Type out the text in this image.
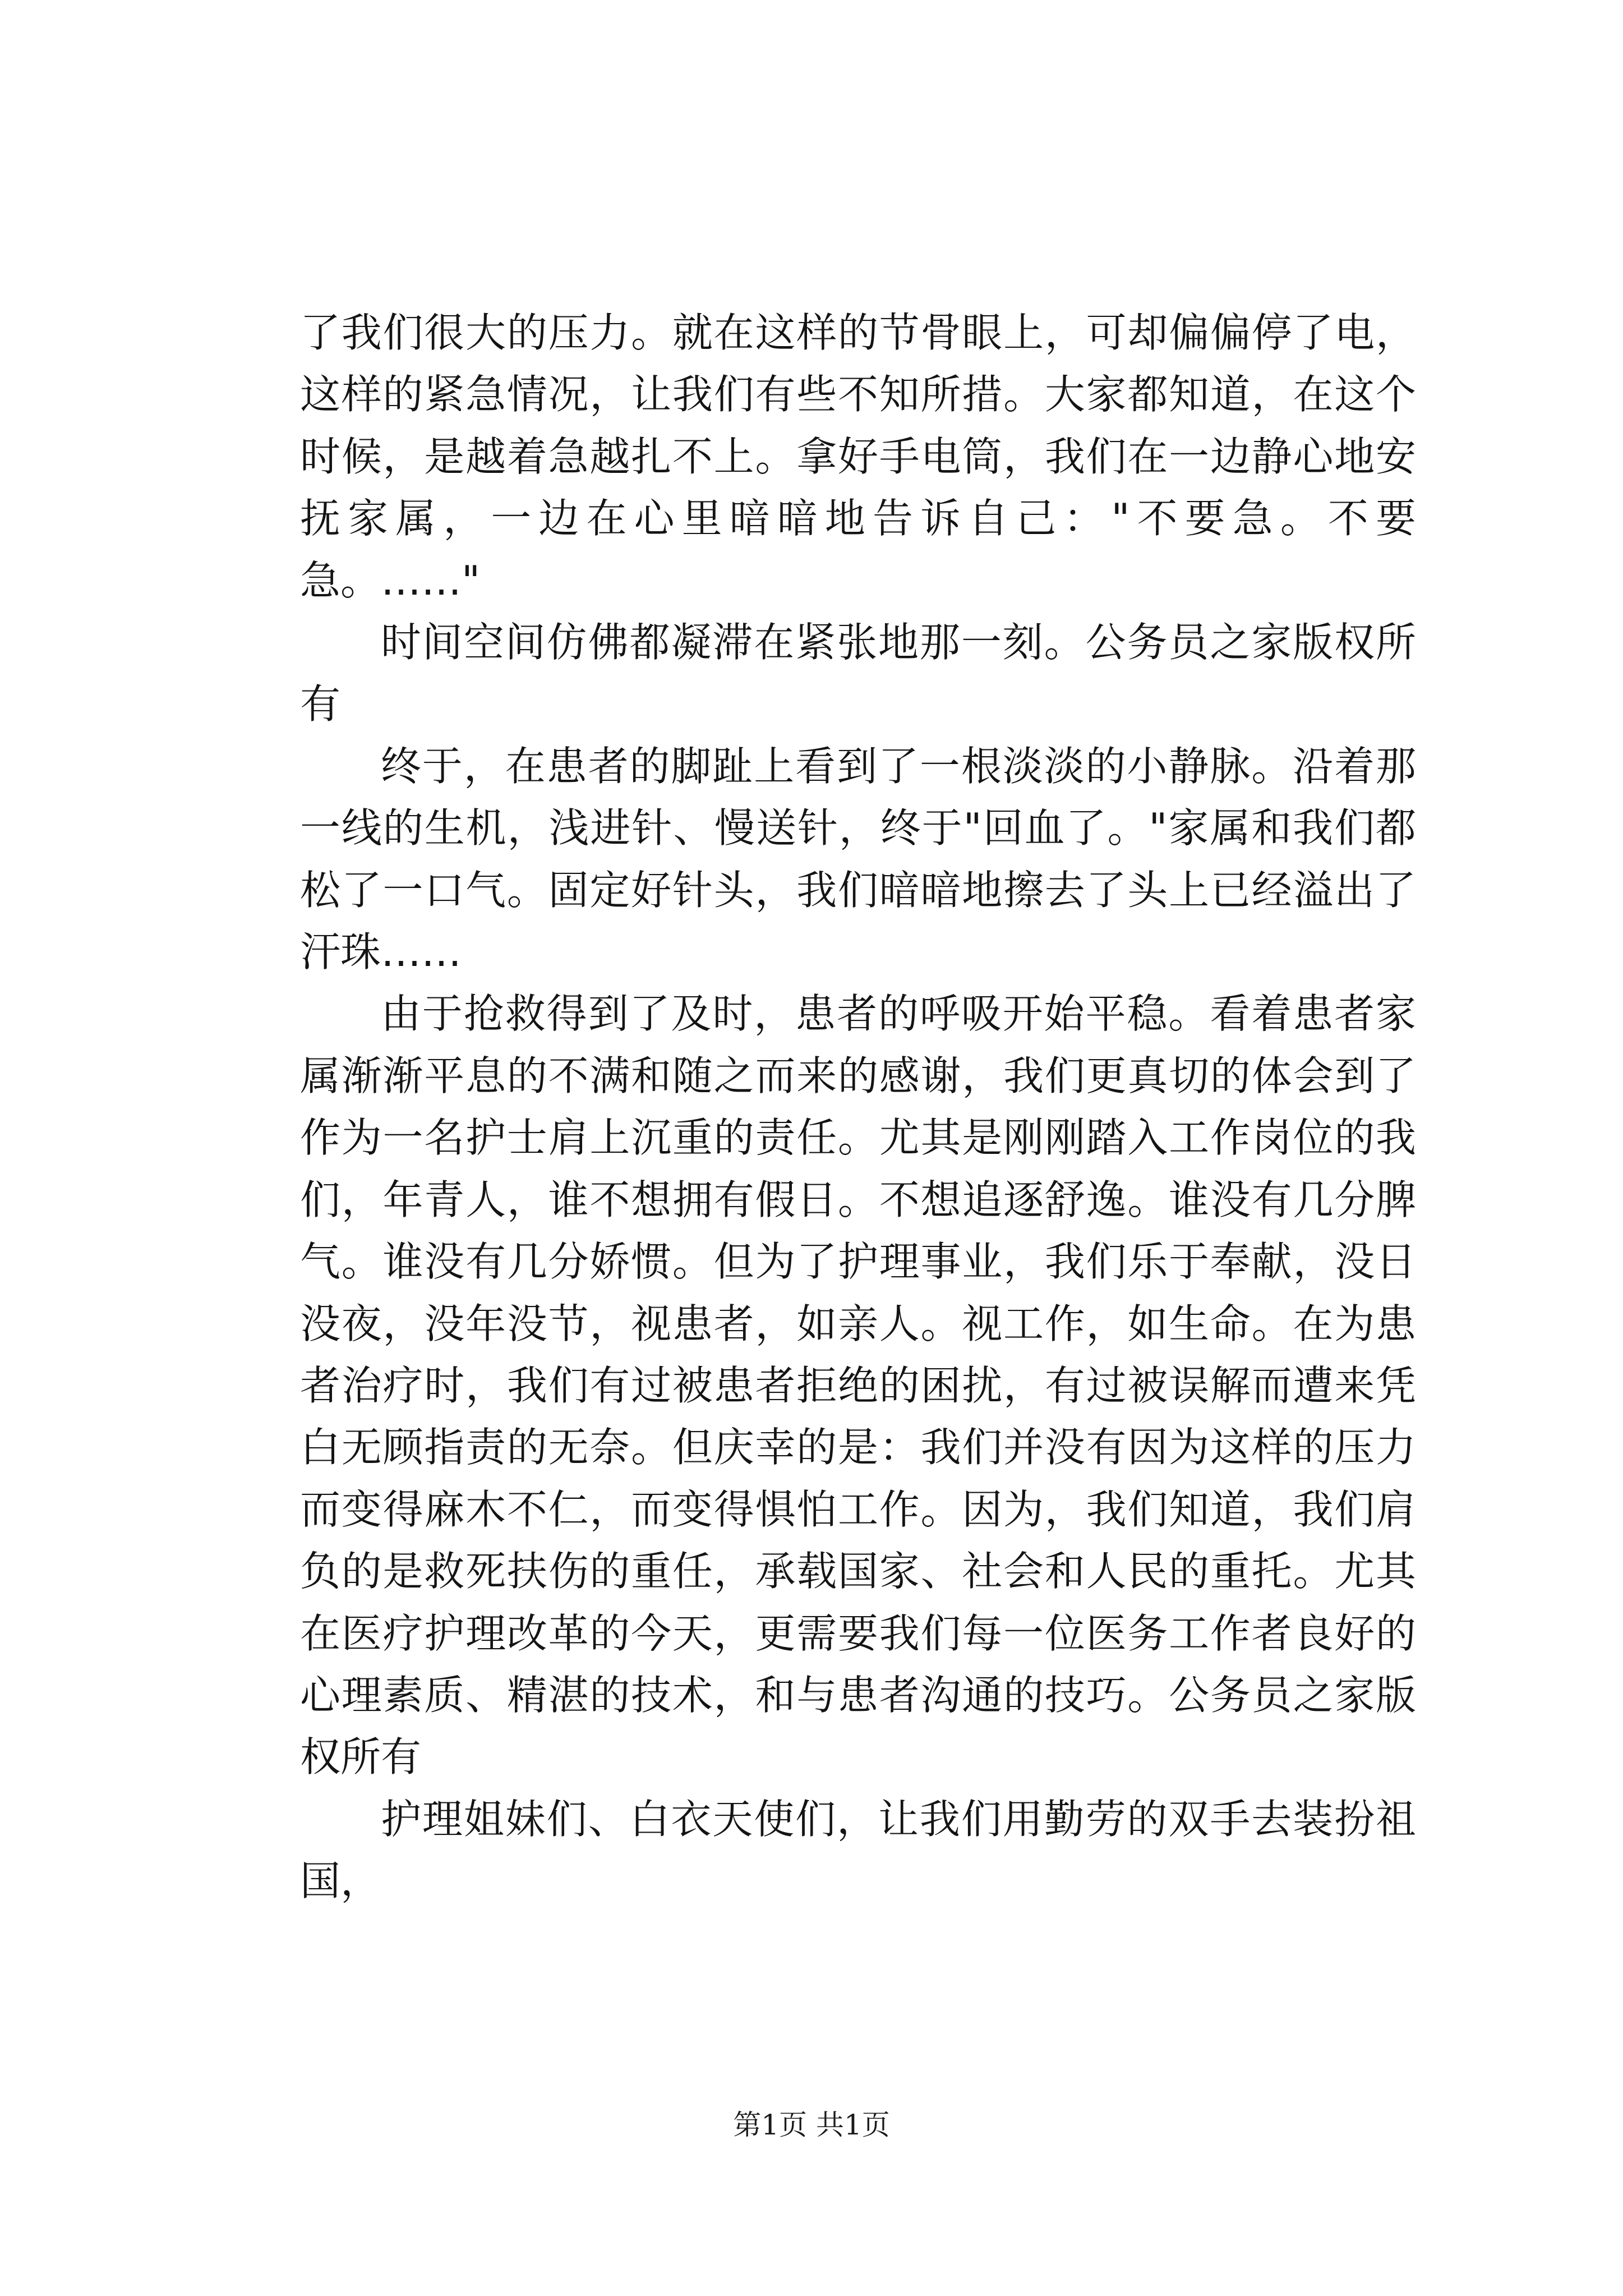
了我们很大的压力。就在这样的节骨眼上，可却偏偏停了电，这样的紧急情况，让我们有些不知所措。大家都知道，在这个时候，是越着急越扎不上。拿好手电筒，我们在一边静心地安抚家属，一边在心里暗暗地告诉自己："不要急。不要急。……"

时间空间仿佛都凝滞在紧张地那一刻。公务员之家版权所有

终于，在患者的脚趾上看到了一根淡淡的小静脉。沿着那一线的生机，浅进针、慢送针，终于"回血了。"家属和我们都松了一口气。固定好针头，我们暗暗地擦去了头上已经溢出了汗珠……

由于抢救得到了及时，患者的呼吸开始平稳。看着患者家属渐渐平息的不满和随之而来的感谢，我们更真切的体会到了作为一名护士肩上沉重的责任。尤其是刚刚踏入工作岗位的我们，年青人，谁不想拥有假日。不想追逐舒逸。谁没有几分脾气。谁没有几分娇惯。但为了护理事业，我们乐于奉献，没日没夜，没年没节，视患者，如亲人。视工作，如生命。在为患者治疗时，我们有过被患者拒绝的困扰，有过被误解而遭来凭白无顾指责的无奈。但庆幸的是：我们并没有因为这样的压力而变得麻木不仁，而变得惧怕工作。因为，我们知道，我们肩负的是救死扶伤的重任，承载国家、社会和人民的重托。尤其在医疗护理改革的今天，更需要我们每一位医务工作者良好的心理素质、精湛的技术，和与患者沟通的技巧。公务员之家版权所有

护理姐妹们、白衣天使们，让我们用勤劳的双手去装扮祖国，

第1页 共1页
